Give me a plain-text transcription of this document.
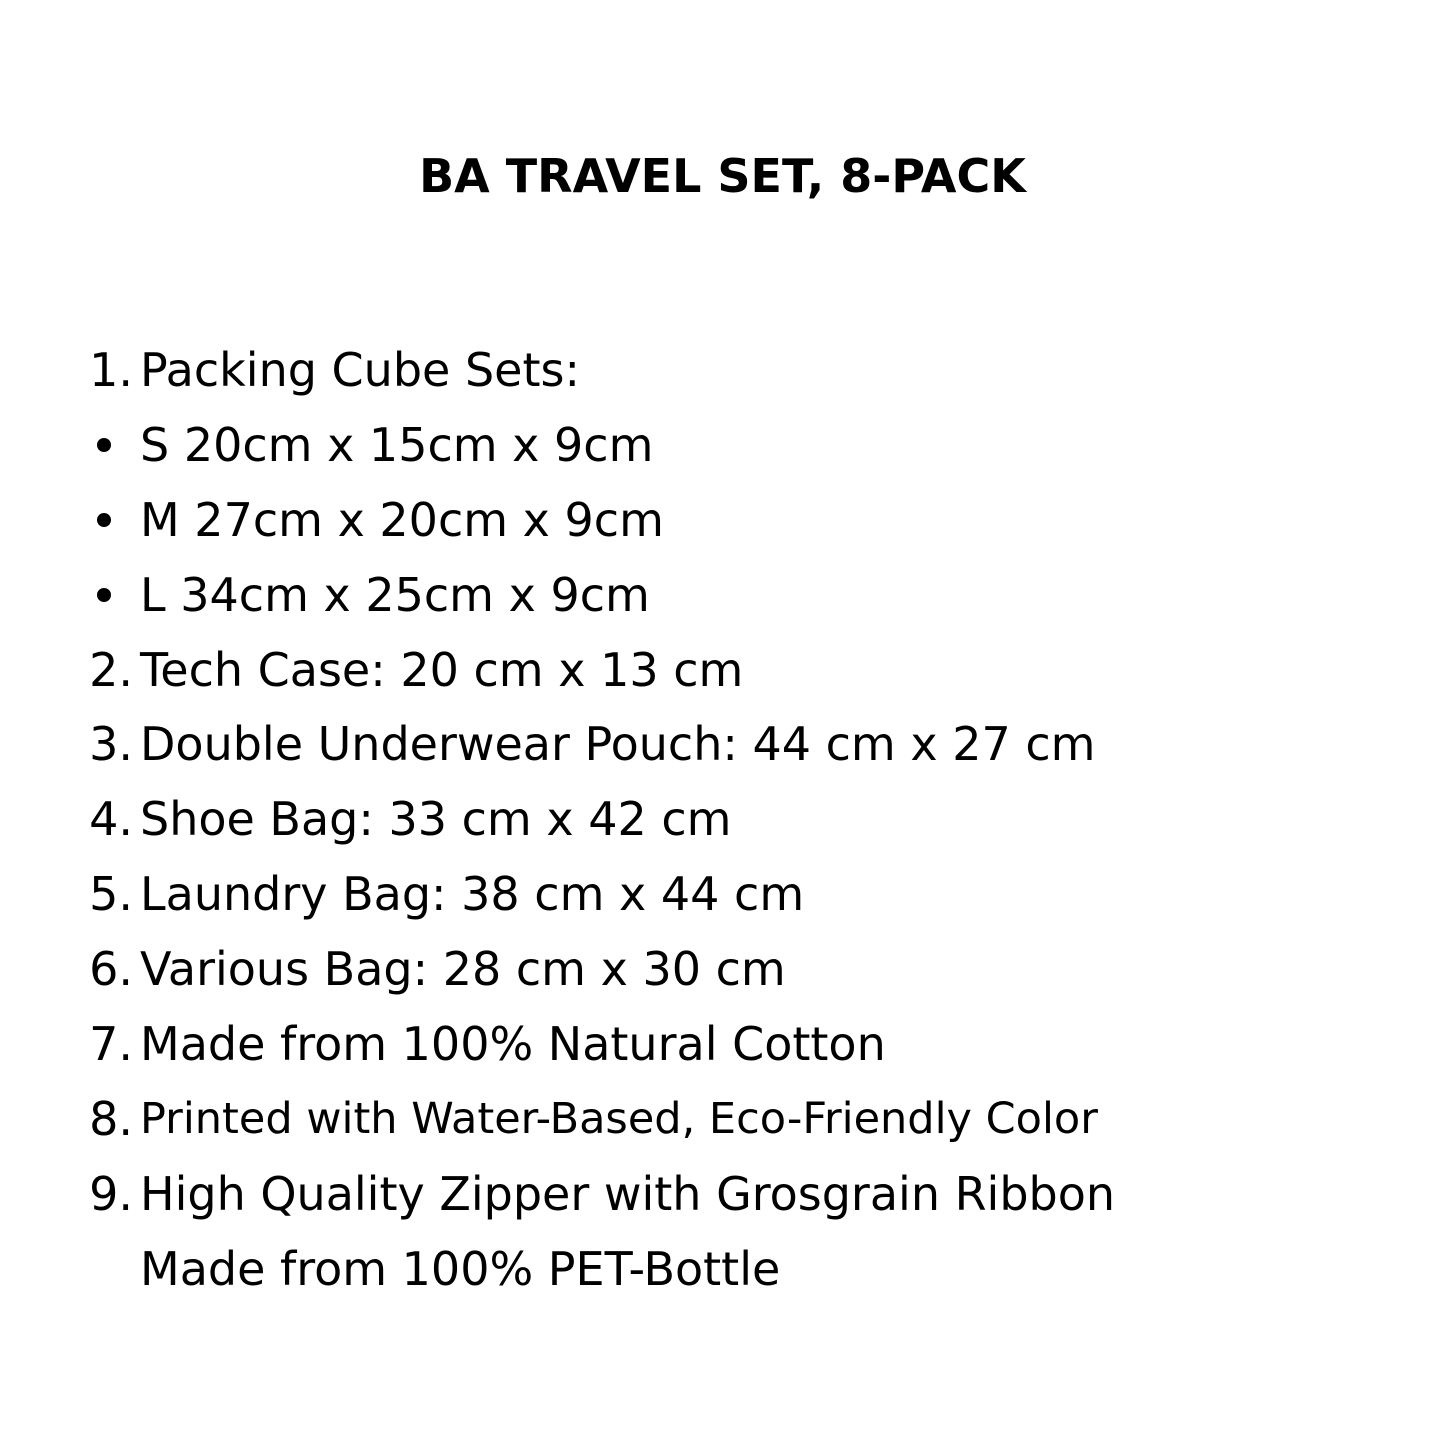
BA TRAVEL SET, 8-PACK
1. Packing Cube Sets:
S 20cm x 15cm x 9cm
M 27cm x 20cm x 9cm
L 34cm x 25cm x 9cm
2. Tech Case: 20 cm x 13 cm
3. Double Underwear Pouch: 44 cm x 27 cm
4. Shoe Bag: 33 cm x 42 cm
5. Laundry Bag: 38 cm x 44 cm
6. Various Bag: 28 cm x 30 cm
7. Made from 100% Natural Cotton
8. Printed with Water-Based, Eco-Friendly Color
9. High Quality Zipper with Grosgrain Ribbon
Made from 100% PET-Bottle
